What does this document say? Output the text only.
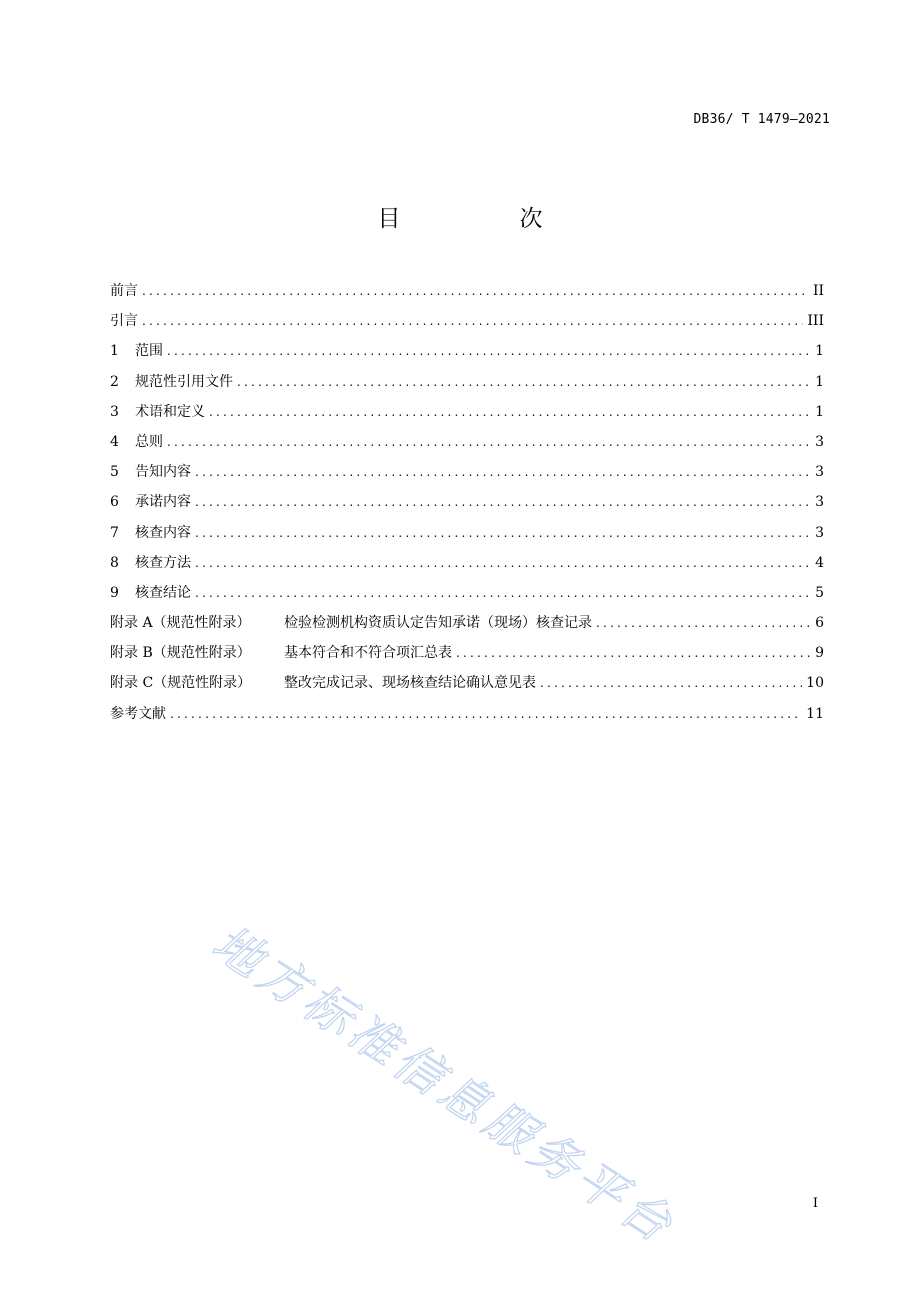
DB36/ T 1479—2021
目　次
前言 .....	II
引言 .....	III
1	范围 .....	1
2	规范性引用文件 .....	1
3	术语和定义 .....	1
4	总则 .....	3
5	告知内容 .....	3
6	承诺内容 .....	3
7	核查内容 .....	3
8	核查方法 .....	4
9	核查结论 .....	5
附录 A（规范性附录）	检验检测机构资质认定告知承诺（现场）核查记录 .....	6
附录 B（规范性附录）	基本符合和不符合项汇总表 .....	9
附录 C（规范性附录）	整改完成记录、现场核查结论确认意见表 .....	10
参考文献 .....	11
I
地方标准信息服务平台
